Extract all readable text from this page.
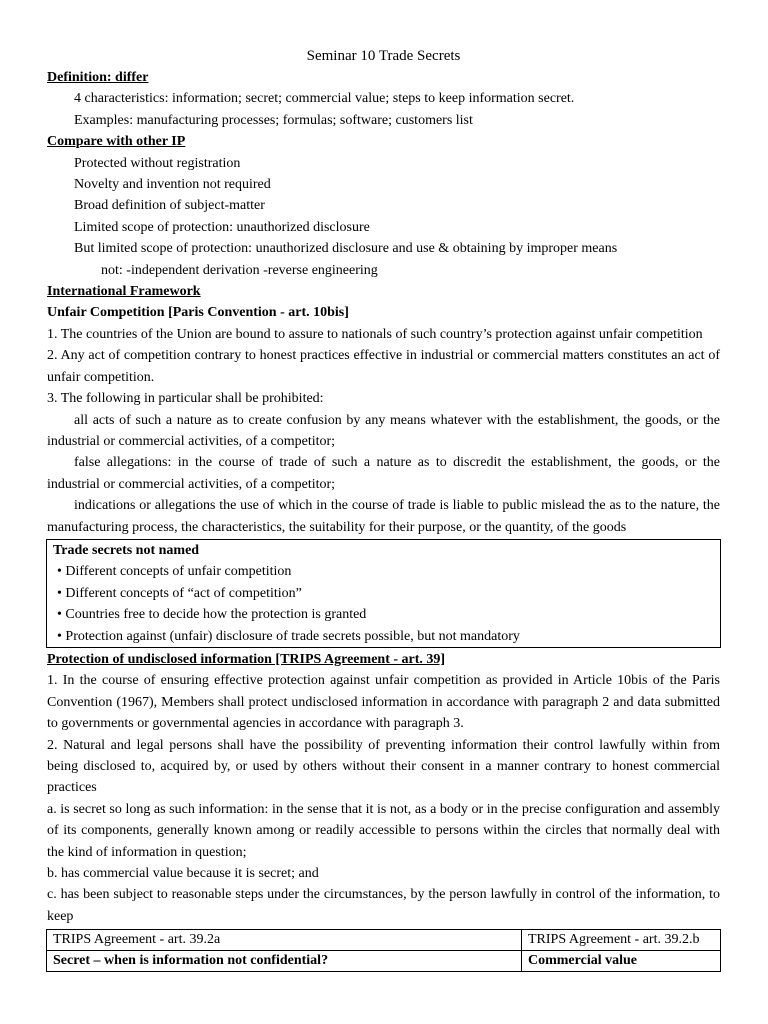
Seminar 10 Trade Secrets
Definition: differ
4 characteristics: information; secret; commercial value; steps to keep information secret.
Examples: manufacturing processes; formulas; software; customers list
Compare with other IP
Protected without registration
Novelty and invention not required
Broad definition of subject-matter
Limited scope of protection: unauthorized disclosure
But limited scope of protection: unauthorized disclosure and use & obtaining by improper means
not: -independent derivation -reverse engineering
International Framework
Unfair Competition [Paris Convention - art. 10bis]
1. The countries of the Union are bound to assure to nationals of such country’s protection against unfair competition
2. Any act of competition contrary to honest practices effective in industrial or commercial matters constitutes an act of unfair competition.
3. The following in particular shall be prohibited:
all acts of such a nature as to create confusion by any means whatever with the establishment, the goods, or the industrial or commercial activities, of a competitor;
false allegations: in the course of trade of such a nature as to discredit the establishment, the goods, or the industrial or commercial activities, of a competitor;
indications or allegations the use of which in the course of trade is liable to public mislead the as to the nature, the manufacturing process, the characteristics, the suitability for their purpose, or the quantity, of the goods
Trade secrets not named
• Different concepts of unfair competition
• Different concepts of “act of competition”
• Countries free to decide how the protection is granted
• Protection against (unfair) disclosure of trade secrets possible, but not mandatory
Protection of undisclosed information [TRIPS Agreement - art. 39]
1. In the course of ensuring effective protection against unfair competition as provided in Article 10bis of the Paris Convention (1967), Members shall protect undisclosed information in accordance with paragraph 2 and data submitted to governments or governmental agencies in accordance with paragraph 3.
2. Natural and legal persons shall have the possibility of preventing information their control lawfully within from being disclosed to, acquired by, or used by others without their consent in a manner contrary to honest commercial practices
a. is secret so long as such information: in the sense that it is not, as a body or in the precise configuration and assembly of its components, generally known among or readily accessible to persons within the circles that normally deal with the kind of information in question;
b. has commercial value because it is secret; and
c. has been subject to reasonable steps under the circumstances, by the person lawfully in control of the information, to keep
TRIPS Agreement - art. 39.2a	TRIPS Agreement - art. 39.2.b
Secret – when is information not confidential?	Commercial value
